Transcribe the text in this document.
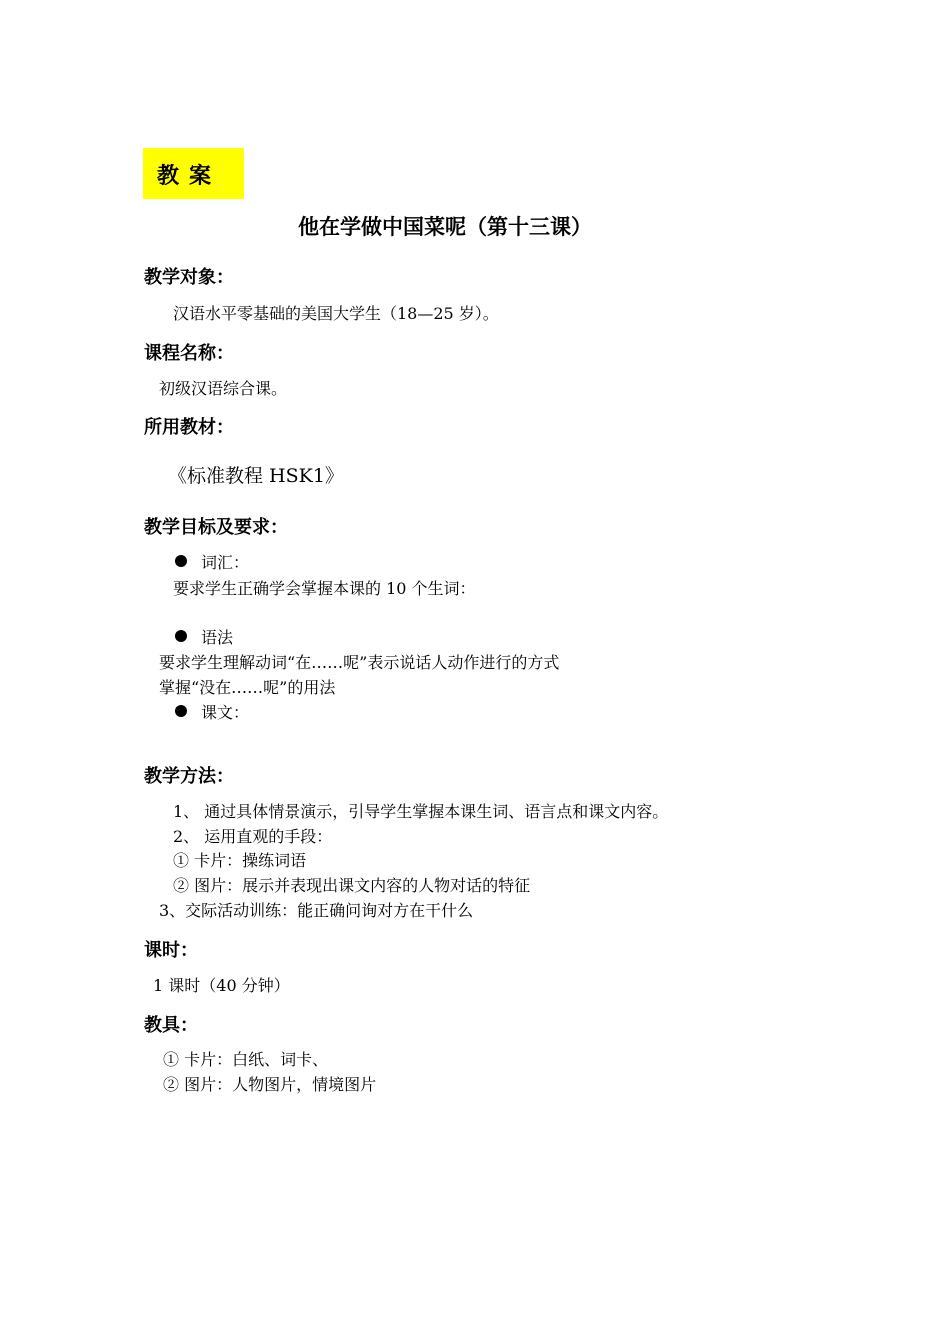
教案
他在学做中国菜呢（第十三课）
教学对象：
汉语水平零基础的美国大学生（18—25 岁）。
课程名称：
初级汉语综合课。
所用教材：
《标准教程 HSK1》
教学目标及要求：
词汇：
要求学生正确学会掌握本课的 10 个生词：
语法
要求学生理解动词“在……呢”表示说话人动作进行的方式
掌握“没在……呢”的用法
课文：
教学方法：
1、 通过具体情景演示，引导学生掌握本课生词、语言点和课文内容。
2、 运用直观的手段：
① 卡片：操练词语
② 图片：展示并表现出课文内容的人物对话的特征
3、交际活动训练：能正确问询对方在干什么
课时：
1 课时（40 分钟）
教具：
① 卡片：白纸、词卡、
② 图片：人物图片，情境图片
